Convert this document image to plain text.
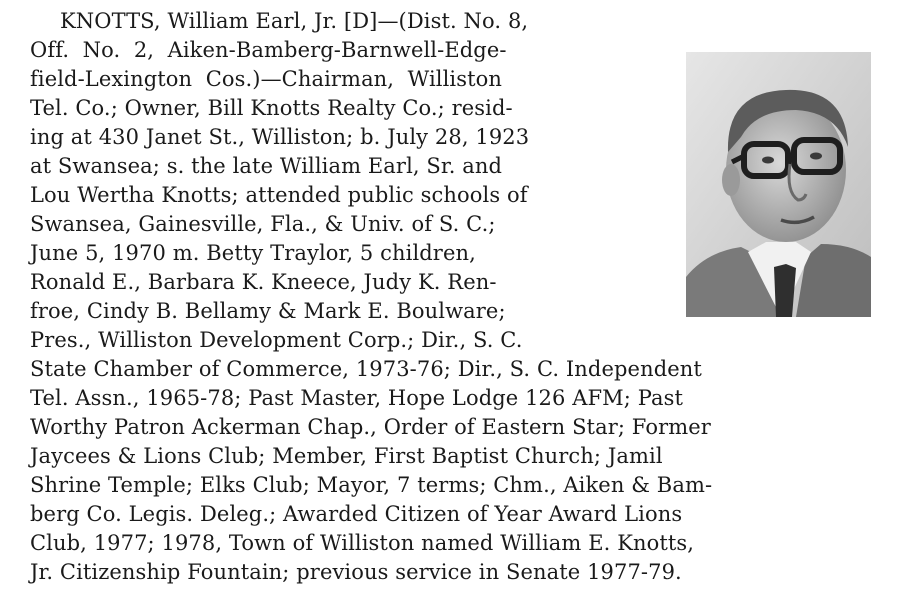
KNOTTS, William Earl, Jr. [D]—(Dist. No. 8,
Off.  No.  2,  Aiken-Bamberg-Barnwell-Edge-
field-Lexington  Cos.)—Chairman,  Williston
Tel. Co.; Owner, Bill Knotts Realty Co.; resid-
ing at 430 Janet St., Williston; b. July 28, 1923
at Swansea; s. the late William Earl, Sr. and
Lou Wertha Knotts; attended public schools of
Swansea, Gainesville, Fla., & Univ. of S. C.;
June 5, 1970 m. Betty Traylor, 5 children,
Ronald E., Barbara K. Kneece, Judy K. Ren-
froe, Cindy B. Bellamy & Mark E. Boulware;
Pres., Williston Development Corp.; Dir., S. C.
State Chamber of Commerce, 1973-76; Dir., S. C. Independent
Tel. Assn., 1965-78; Past Master, Hope Lodge 126 AFM; Past
Worthy Patron Ackerman Chap., Order of Eastern Star; Former
Jaycees & Lions Club; Member, First Baptist Church; Jamil
Shrine Temple; Elks Club; Mayor, 7 terms; Chm., Aiken & Bam-
berg Co. Legis. Deleg.; Awarded Citizen of Year Award Lions
Club, 1977; 1978, Town of Williston named William E. Knotts,
Jr. Citizenship Fountain; previous service in Senate 1977-79.
